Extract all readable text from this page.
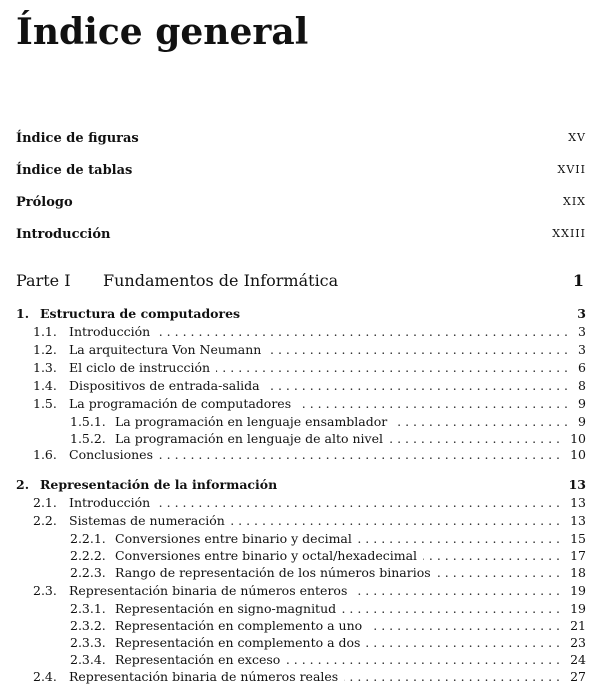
Índice general
Índice de figuras	XV
Índice de tablas	XVII
Prólogo	XIX
Introducción	XXIII
Parte I Fundamentos de Informática	1
1. Estructura de computadores	3
1.1. Introducción	3
. . .
1.2. La arquitectura Von Neumann	3
. . .
1.3. El ciclo de instrucción	6
. . .
1.4. Dispositivos de entrada-salida	8
. . .
1.5. La programación de computadores	9
. . .
1.5.1. La programación en lenguaje ensamblador	9
. . .
1.5.2. La programación en lenguaje de alto nivel	10
. . .
1.6. Conclusiones	10
. . .
2. Representación de la información	13
2.1. Introducción	13
. . .
2.2. Sistemas de numeración	13
. . .
2.2.1. Conversiones entre binario y decimal	15
. . .
2.2.2. Conversiones entre binario y octal/hexadecimal	17
. . .
2.2.3. Rango de representación de los números binarios	18
. . .
2.3. Representación binaria de números enteros	19
. . .
2.3.1. Representación en signo-magnitud	19
. . .
2.3.2. Representación en complemento a uno	21
. . .
2.3.3. Representación en complemento a dos	23
. . .
2.3.4. Representación en exceso	24
. . .
2.4. Representación binaria de números reales	27
. . .
